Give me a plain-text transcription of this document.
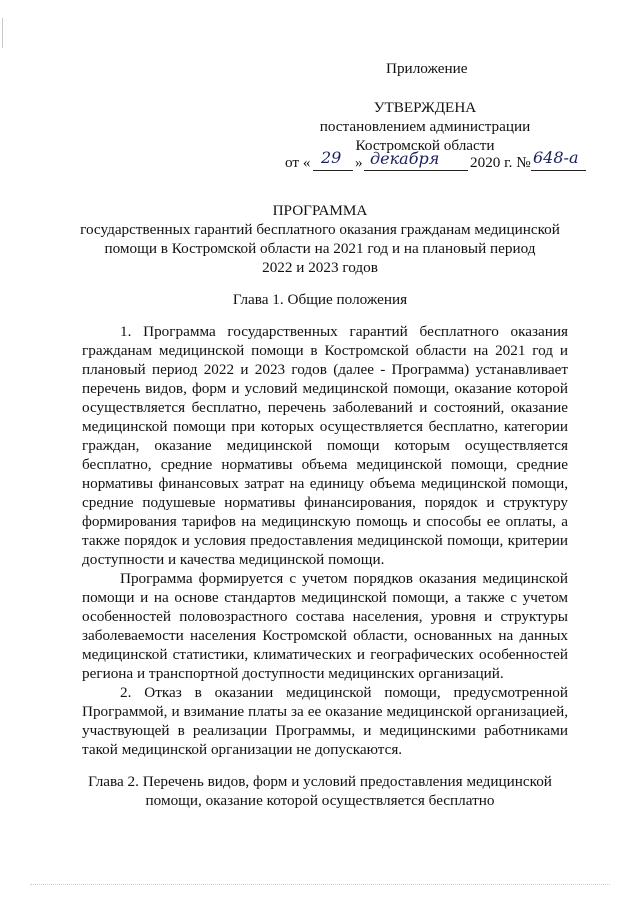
Приложение
УТВЕРЖДЕНА
постановлением администрации
Костромской области
от « 29 » декабря 2020 г. № 648-а
ПРОГРАММА
государственных гарантий бесплатного оказания гражданам медицинской
помощи в Костромской области на 2021 год и на плановый период
2022 и 2023 годов
Глава 1. Общие положения
1. Программа государственных гарантий бесплатного оказания
гражданам медицинской помощи в Костромской области на 2021 год и
плановый период 2022 и 2023 годов (далее - Программа) устанавливает
перечень видов, форм и условий медицинской помощи, оказание которой
осуществляется бесплатно, перечень заболеваний и состояний, оказание
медицинской помощи при которых осуществляется бесплатно, категории
граждан, оказание медицинской помощи которым осуществляется
бесплатно, средние нормативы объема медицинской помощи, средние
нормативы финансовых затрат на единицу объема медицинской помощи,
средние подушевые нормативы финансирования, порядок и структуру
формирования тарифов на медицинскую помощь и способы ее оплаты, а
также порядок и условия предоставления медицинской помощи, критерии
доступности и качества медицинской помощи.
Программа формируется с учетом порядков оказания медицинской
помощи и на основе стандартов медицинской помощи, а также с учетом
особенностей половозрастного состава населения, уровня и структуры
заболеваемости населения Костромской области, основанных на данных
медицинской статистики, климатических и географических особенностей
региона и транспортной доступности медицинских организаций.
2. Отказ в оказании медицинской помощи, предусмотренной
Программой, и взимание платы за ее оказание медицинской организацией,
участвующей в реализации Программы, и медицинскими работниками
такой медицинской организации не допускаются.
Глава 2. Перечень видов, форм и условий предоставления медицинской
помощи, оказание которой осуществляется бесплатно
